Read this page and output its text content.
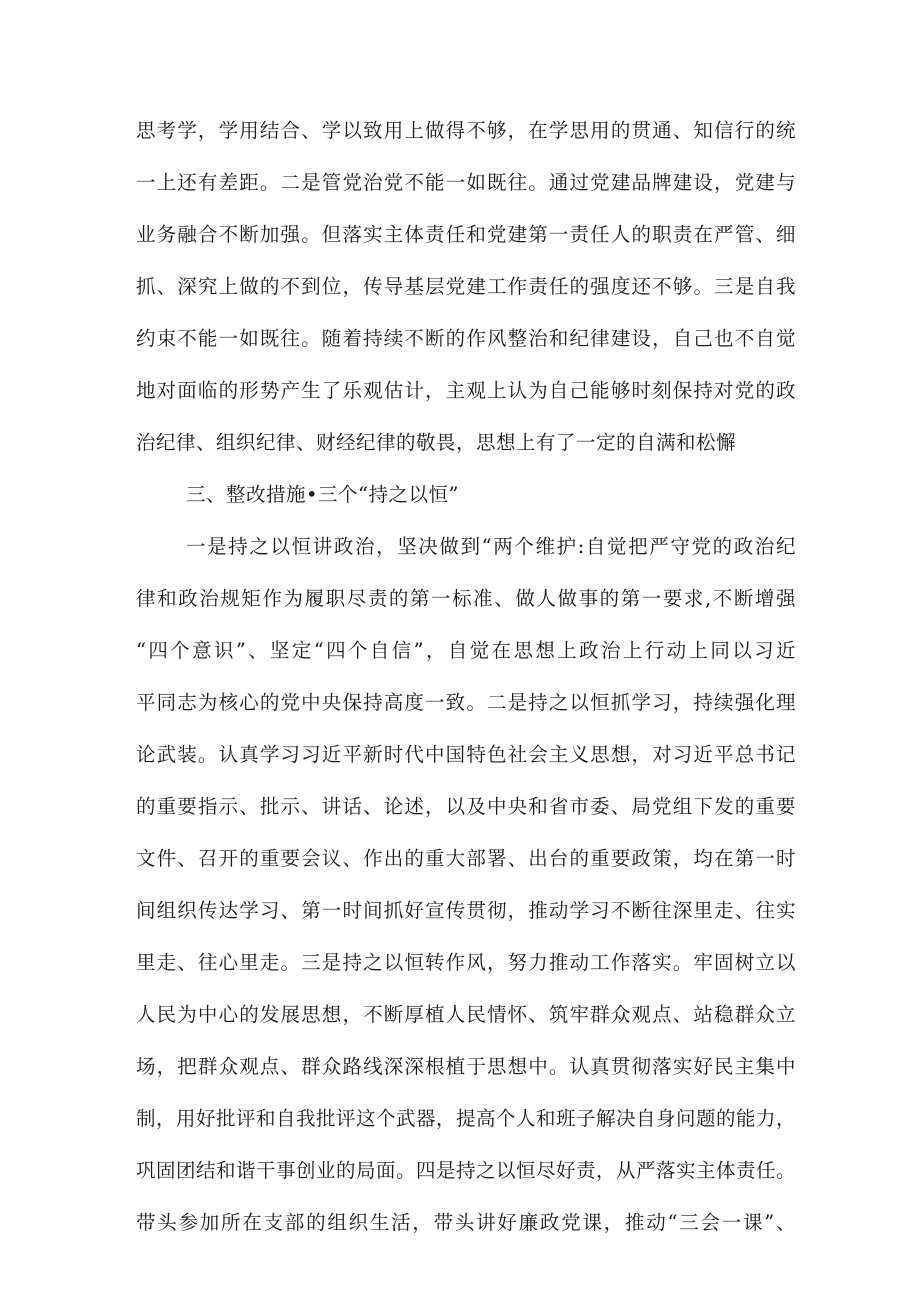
思考学，学用结合、学以致用上做得不够，在学思用的贯通、知信行的统
一上还有差距。二是管党治党不能一如既往。通过党建品牌建设，党建与
业务融合不断加强。但落实主体责任和党建第一责任人的职责在严管、细
抓、深究上做的不到位，传导基层党建工作责任的强度还不够。三是自我
约束不能一如既往。随着持续不断的作风整治和纪律建设，自己也不自觉
地对面临的形势产生了乐观估计，主观上认为自己能够时刻保持对党的政
治纪律、组织纪律、财经纪律的敬畏，思想上有了一定的自满和松懈
三、整改措施•三个“持之以恒”
一是持之以恒讲政治，坚决做到“两个维护:自觉把严守党的政治纪
律和政治规矩作为履职尽责的第一标准、做人做事的第一要求,不断增强
“四个意识”、坚定“四个自信”，自觉在思想上政治上行动上同以习近
平同志为核心的党中央保持高度一致。二是持之以恒抓学习，持续强化理
论武装。认真学习习近平新时代中国特色社会主义思想，对习近平总书记
的重要指示、批示、讲话、论述，以及中央和省市委、局党组下发的重要
文件、召开的重要会议、作出的重大部署、出台的重要政策，均在第一时
间组织传达学习、第一时间抓好宣传贯彻，推动学习不断往深里走、往实
里走、往心里走。三是持之以恒转作风，努力推动工作落实。牢固树立以
人民为中心的发展思想，不断厚植人民情怀、筑牢群众观点、站稳群众立
场，把群众观点、群众路线深深根植于思想中。认真贯彻落实好民主集中
制，用好批评和自我批评这个武器，提高个人和班子解决自身问题的能力，
巩固团结和谐干事创业的局面。四是持之以恒尽好责，从严落实主体责任。
带头参加所在支部的组织生活，带头讲好廉政党课，推动“三会一课”、
